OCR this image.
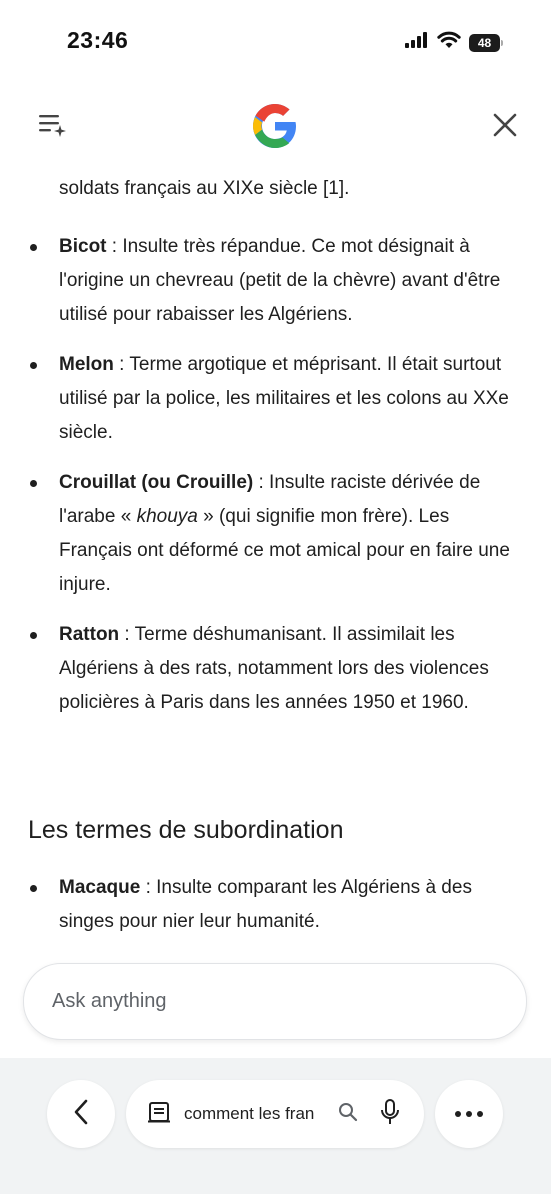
23:46	48
soldats français au XIXe siècle [1].
Bicot : Insulte très répandue. Ce mot désignait à l'origine un chevreau (petit de la chèvre) avant d'être utilisé pour rabaisser les Algériens.
Melon : Terme argotique et méprisant. Il était surtout utilisé par la police, les militaires et les colons au XXe siècle.
Crouillat (ou Crouille) : Insulte raciste dérivée de l'arabe « khouya » (qui signifie mon frère). Les Français ont déformé ce mot amical pour en faire une injure.
Ratton : Terme déshumanisant. Il assimilait les Algériens à des rats, notamment lors des violences policières à Paris dans les années 1950 et 1960.
Les termes de subordination
Macaque : Insulte comparant les Algériens à des singes pour nier leur humanité.
Ask anything
comment les fran
